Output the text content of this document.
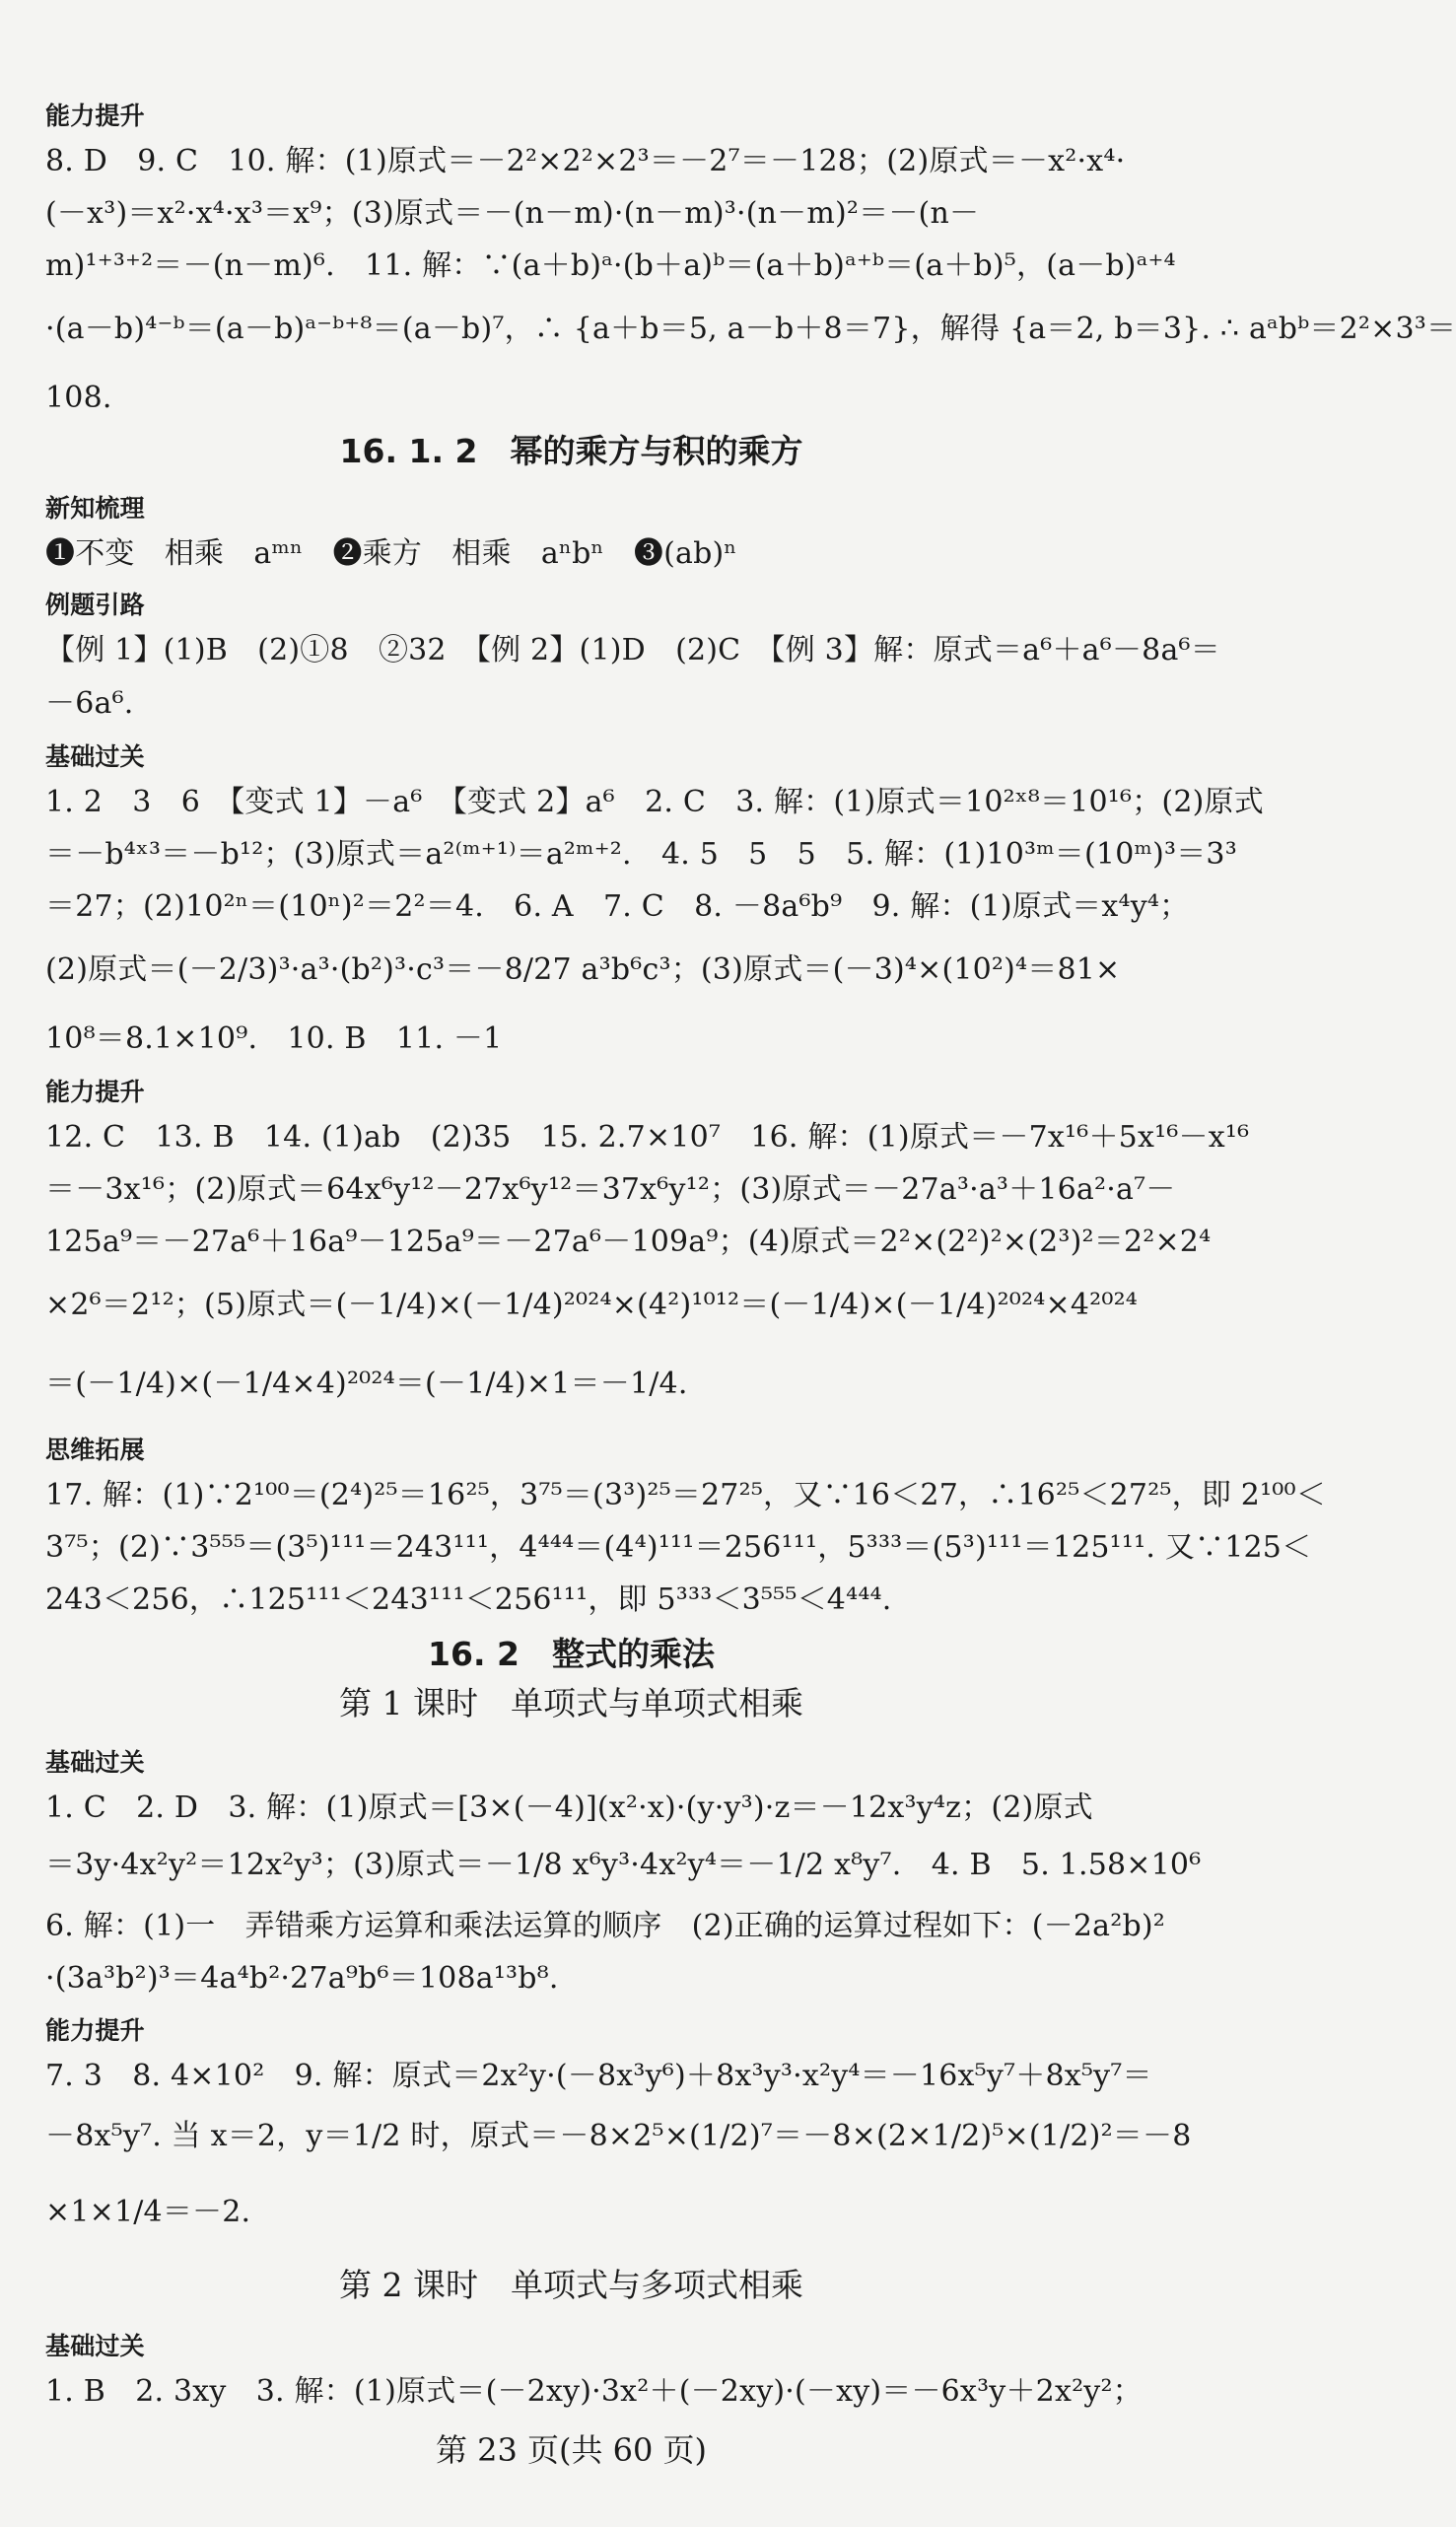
能力提升
8. D　9. C　10. 解：(1)原式＝－2²×2²×2³＝－2⁷＝－128；(2)原式＝－x²·x⁴·
(－x³)＝x²·x⁴·x³＝x⁹；(3)原式＝－(n－m)·(n－m)³·(n－m)²＝－(n－
m)¹⁺³⁺²＝－(n－m)⁶.　11. 解：∵(a＋b)ᵃ·(b＋a)ᵇ＝(a＋b)ᵃ⁺ᵇ＝(a＋b)⁵，(a－b)ᵃ⁺⁴
·(a－b)⁴⁻ᵇ＝(a－b)ᵃ⁻ᵇ⁺⁸＝(a－b)⁷，∴ {a＋b＝5, a－b＋8＝7}，解得 {a＝2, b＝3}. ∴ aᵃbᵇ＝2²×3³＝
108.
16. 1. 2　幂的乘方与积的乘方
新知梳理
❶不变　相乘　aᵐⁿ　❷乘方　相乘　aⁿbⁿ　❸(ab)ⁿ
例题引路
【例 1】(1)B　(2)①8　②32　【例 2】(1)D　(2)C　【例 3】解：原式＝a⁶＋a⁶－8a⁶＝
－6a⁶.
基础过关
1. 2　3　6　【变式 1】－a⁶　【变式 2】a⁶　2. C　3. 解：(1)原式＝10²ˣ⁸＝10¹⁶；(2)原式
＝－b⁴ˣ³＝－b¹²；(3)原式＝a²⁽ᵐ⁺¹⁾＝a²ᵐ⁺².　4. 5　5　5　5. 解：(1)10³ᵐ＝(10ᵐ)³＝3³
＝27；(2)10²ⁿ＝(10ⁿ)²＝2²＝4.　6. A　7. C　8. －8a⁶b⁹　9. 解：(1)原式＝x⁴y⁴；
(2)原式＝(－2/3)³·a³·(b²)³·c³＝－8/27 a³b⁶c³；(3)原式＝(－3)⁴×(10²)⁴＝81×
10⁸＝8.1×10⁹.　10. B　11. －1
能力提升
12. C　13. B　14. (1)ab　(2)35　15. 2.7×10⁷　16. 解：(1)原式＝－7x¹⁶＋5x¹⁶－x¹⁶
＝－3x¹⁶；(2)原式＝64x⁶y¹²－27x⁶y¹²＝37x⁶y¹²；(3)原式＝－27a³·a³＋16a²·a⁷－
125a⁹＝－27a⁶＋16a⁹－125a⁹＝－27a⁶－109a⁹；(4)原式＝2²×(2²)²×(2³)²＝2²×2⁴
×2⁶＝2¹²；(5)原式＝(－1/4)×(－1/4)²⁰²⁴×(4²)¹⁰¹²＝(－1/4)×(－1/4)²⁰²⁴×4²⁰²⁴
＝(－1/4)×(－1/4×4)²⁰²⁴＝(－1/4)×1＝－1/4.
思维拓展
17. 解：(1)∵2¹⁰⁰＝(2⁴)²⁵＝16²⁵，3⁷⁵＝(3³)²⁵＝27²⁵，又∵16＜27，∴16²⁵＜27²⁵，即 2¹⁰⁰＜
3⁷⁵；(2)∵3⁵⁵⁵＝(3⁵)¹¹¹＝243¹¹¹，4⁴⁴⁴＝(4⁴)¹¹¹＝256¹¹¹，5³³³＝(5³)¹¹¹＝125¹¹¹. 又∵125＜
243＜256，∴125¹¹¹＜243¹¹¹＜256¹¹¹，即 5³³³＜3⁵⁵⁵＜4⁴⁴⁴.
16. 2　整式的乘法
第 1 课时　单项式与单项式相乘
基础过关
1. C　2. D　3. 解：(1)原式＝[3×(－4)](x²·x)·(y·y³)·z＝－12x³y⁴z；(2)原式
＝3y·4x²y²＝12x²y³；(3)原式＝－1/8 x⁶y³·4x²y⁴＝－1/2 x⁸y⁷.　4. B　5. 1.58×10⁶
6. 解：(1)一　弄错乘方运算和乘法运算的顺序　(2)正确的运算过程如下：(－2a²b)²
·(3a³b²)³＝4a⁴b²·27a⁹b⁶＝108a¹³b⁸.
能力提升
7. 3　8. 4×10²　9. 解：原式＝2x²y·(－8x³y⁶)＋8x³y³·x²y⁴＝－16x⁵y⁷＋8x⁵y⁷＝
－8x⁵y⁷. 当 x＝2，y＝1/2 时，原式＝－8×2⁵×(1/2)⁷＝－8×(2×1/2)⁵×(1/2)²＝－8
×1×1/4＝－2.
第 2 课时　单项式与多项式相乘
基础过关
1. B　2. 3xy　3. 解：(1)原式＝(－2xy)·3x²＋(－2xy)·(－xy)＝－6x³y＋2x²y²；
第 23 页(共 60 页)
